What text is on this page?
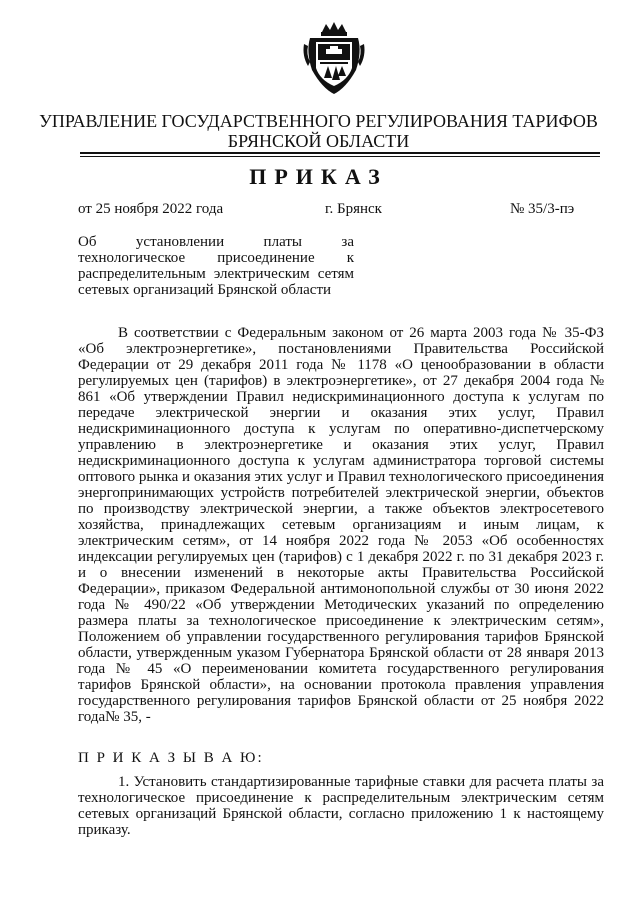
УПРАВЛЕНИЕ ГОСУДАРСТВЕННОГО РЕГУЛИРОВАНИЯ ТАРИФОВ
БРЯНСКОЙ ОБЛАСТИ
ПРИКАЗ
от 25 ноября 2022 года	г. Брянск	№ 35/3-пэ
Об установлении платы за
технологическое присоединение к
распределительным электрическим сетям
сетевых организаций Брянской области

В соответствии с Федеральным законом от 26 марта 2003 года № 35-ФЗ «Об электроэнергетике», постановлениями Правительства Российской Федерации от 29 декабря 2011 года № 1178 «О ценообразовании в области регулируемых цен (тарифов) в электроэнергетике», от 27 декабря 2004 года № 861 «Об утверждении Правил недискриминационного доступа к услугам по передаче электрической энергии и оказания этих услуг, Правил недискриминационного доступа к услугам по оперативно-диспетчерскому управлению в электроэнергетике и оказания этих услуг, Правил недискриминационного доступа к услугам администратора торговой системы оптового рынка и оказания этих услуг и Правил технологического присоединения энергопринимающих устройств потребителей электрической энергии, объектов по производству электрической энергии, а также объектов электросетевого хозяйства, принадлежащих сетевым организациям и иным лицам, к электрическим сетям», от 14 ноября 2022 года № 2053 «Об особенностях индексации регулируемых цен (тарифов) с 1 декабря 2022 г. по 31 декабря 2023 г. и о внесении изменений в некоторые акты Правительства Российской Федерации», приказом Федеральной антимонопольной службы от 30 июня 2022 года № 490/22 «Об утверждении Методических указаний по определению размера платы за технологическое присоединение к электрическим сетям», Положением об управлении государственного регулирования тарифов Брянской области, утвержденным указом Губернатора Брянской области от 28 января 2013 года № 45 «О переименовании комитета государственного регулирования тарифов Брянской области», на основании протокола правления управления государственного регулирования тарифов Брянской области от 25 ноября 2022 года№ 35, -

П Р И К А З Ы В А Ю:
1. Установить стандартизированные тарифные ставки для расчета платы за технологическое присоединение к распределительным электрическим сетям сетевых организаций Брянской области, согласно приложению 1 к настоящему приказу.
